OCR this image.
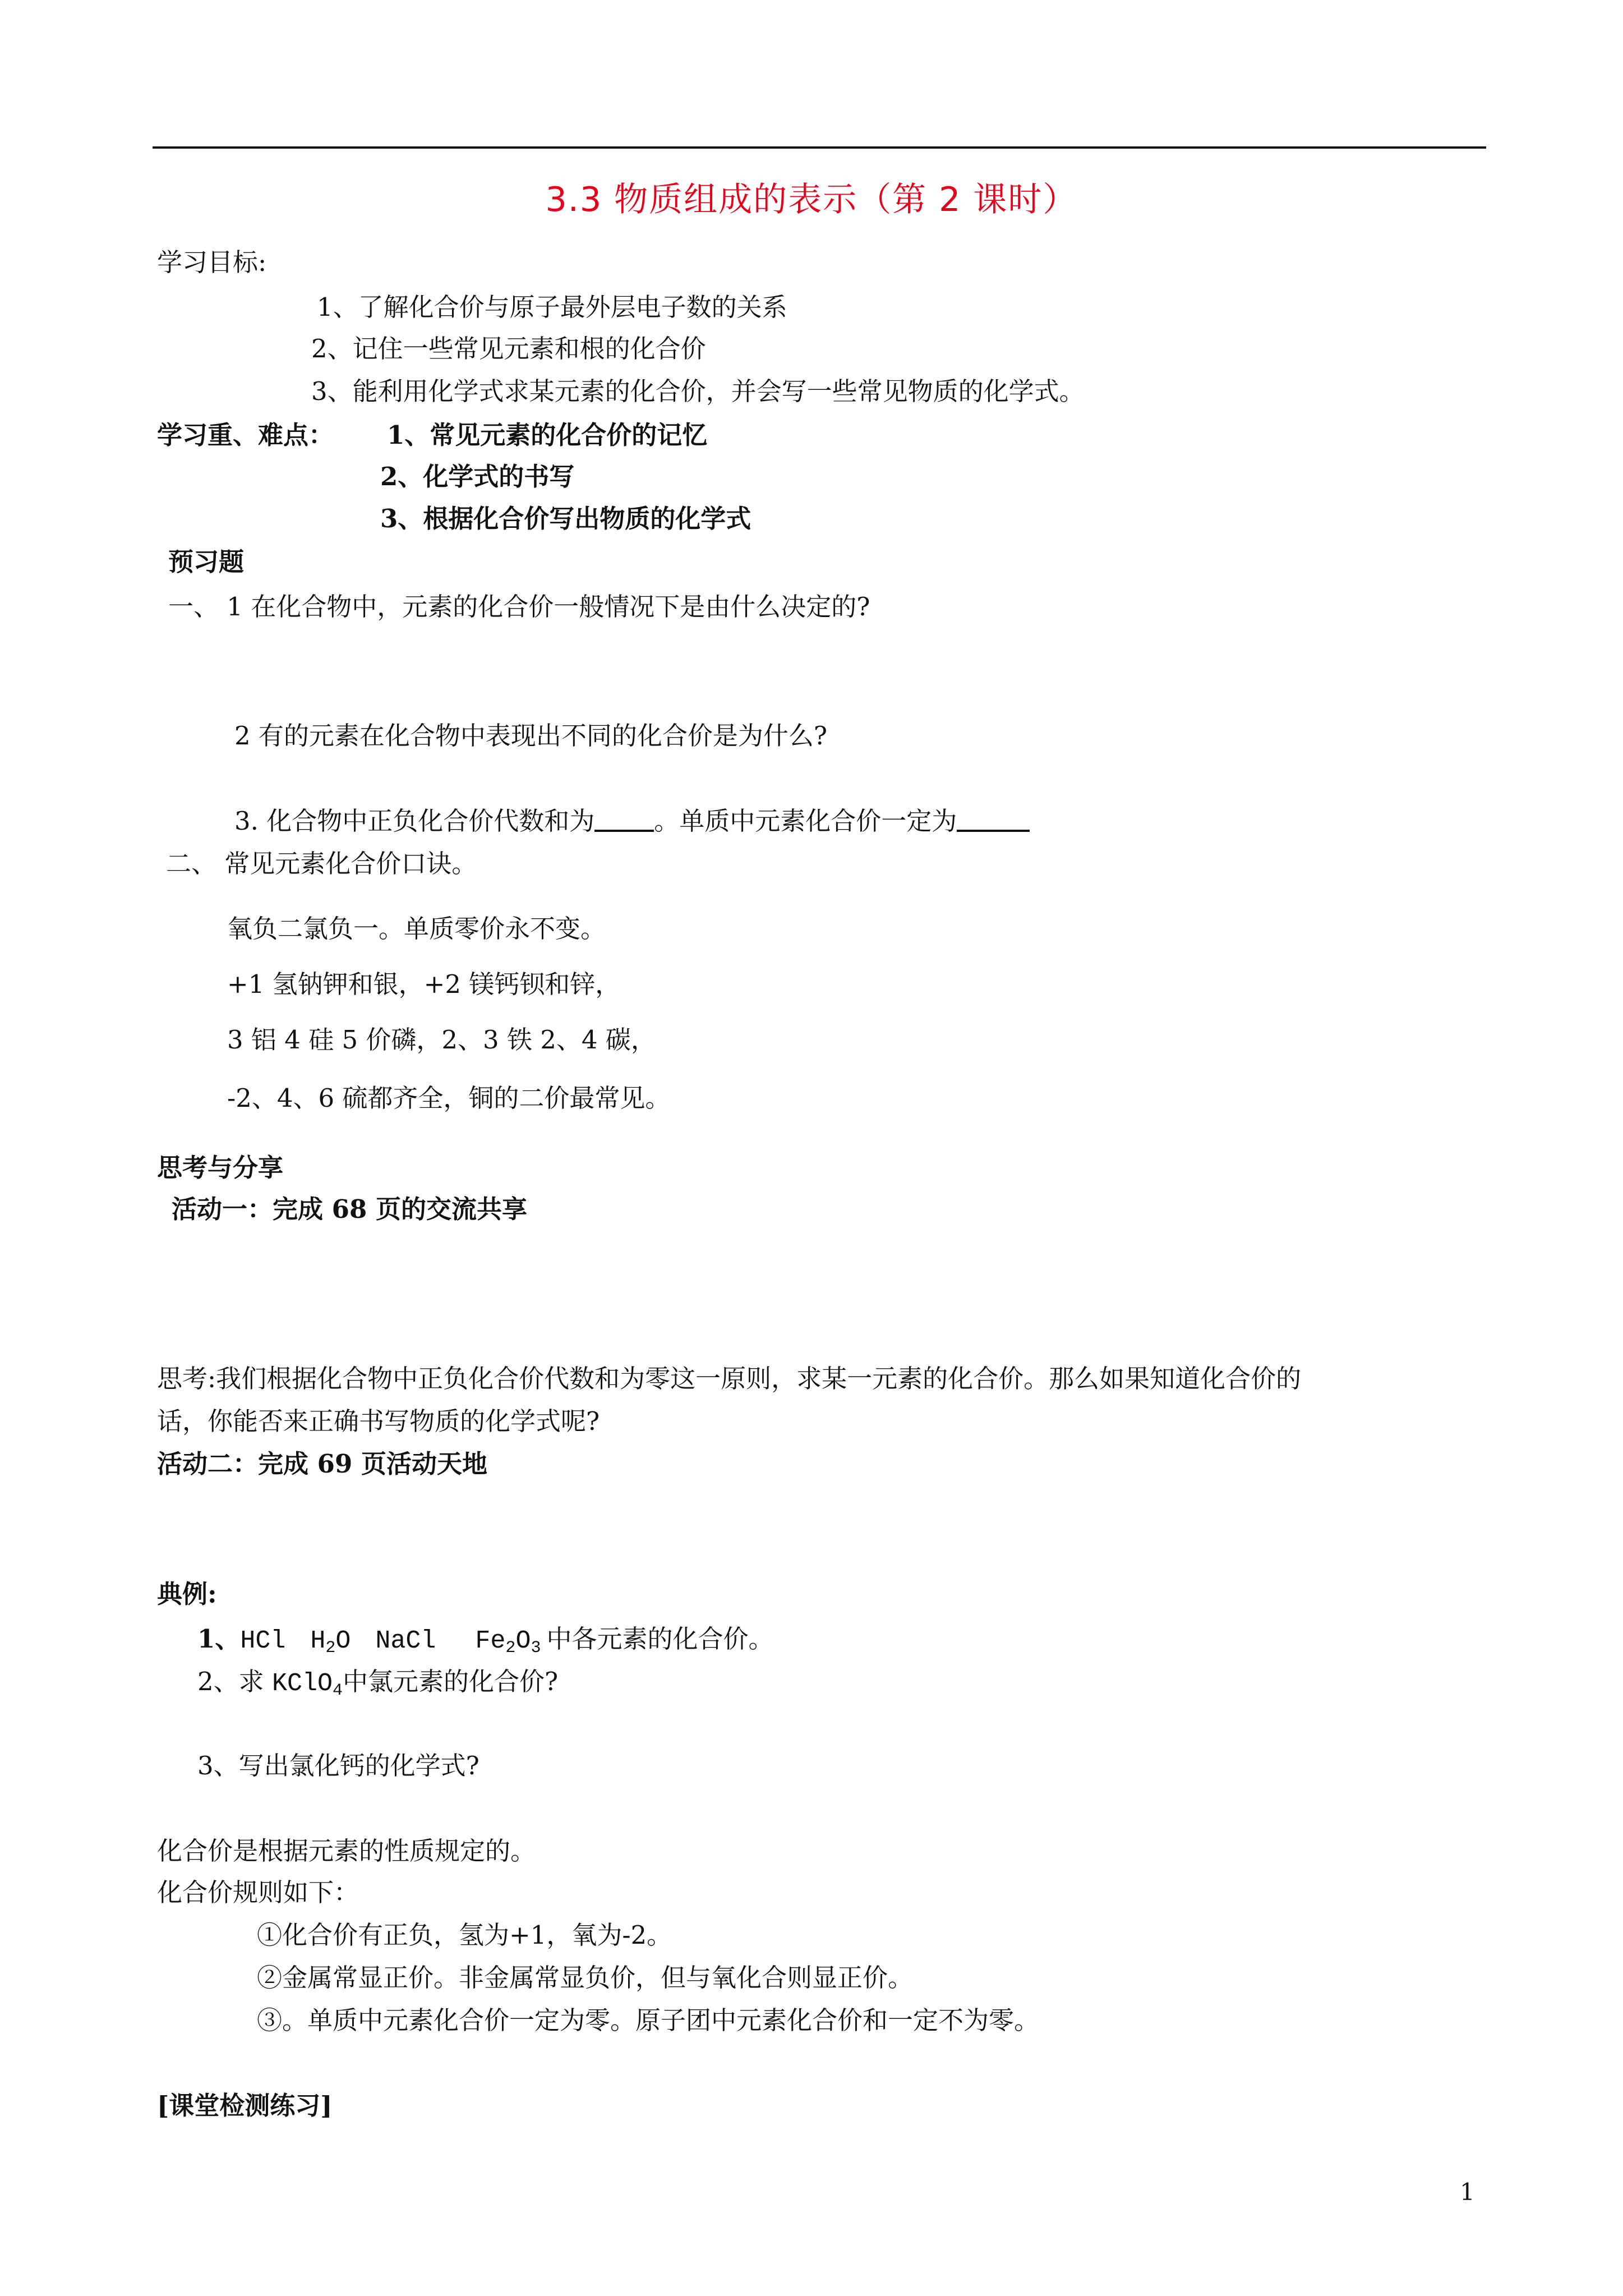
3.3 物质组成的表示（第 2 课时）
学习目标:
1、了解化合价与原子最外层电子数的关系
2、记住一些常见元素和根的化合价
3、能利用化学式求某元素的化合价，并会写一些常见物质的化学式。
学习重、难点： 1、常见元素的化合价的记忆
2、化学式的书写
3、根据化合价写出物质的化学式
预习题
一、 1 在化合物中，元素的化合价一般情况下是由什么决定的?
2 有的元素在化合物中表现出不同的化合价是为什么?
3. 化合物中正负化合价代数和为 。单质中元素化合价一定为
二、 常见元素化合价口诀。
氧负二氯负一。单质零价永不变。
+1 氢钠钾和银，+2 镁钙钡和锌，
3 铝 4 硅 5 价磷，2、3 铁 2、4 碳，
-2、4、6 硫都齐全，铜的二价最常见。
思考与分享
活动一：完成 68 页的交流共享
思考:我们根据化合物中正负化合价代数和为零这一原则，求某一元素的化合价。那么如果知道化合价的
话，你能否来正确书写物质的化学式呢?
活动二：完成 69 页活动天地
典例:
1、HCl $H_2O$ NaCl $Fe_2O_3$ 中各元素的化合价。
2、求 KClO$_4$中氯元素的化合价?
3、写出氯化钙的化学式?
化合价是根据元素的性质规定的。
化合价规则如下：
①化合价有正负，氢为+1，氧为-2。
②金属常显正价。非金属常显负价，但与氧化合则显正价。
③。单质中元素化合价一定为零。原子团中元素化合价和一定不为零。
[课堂检测练习]
1
